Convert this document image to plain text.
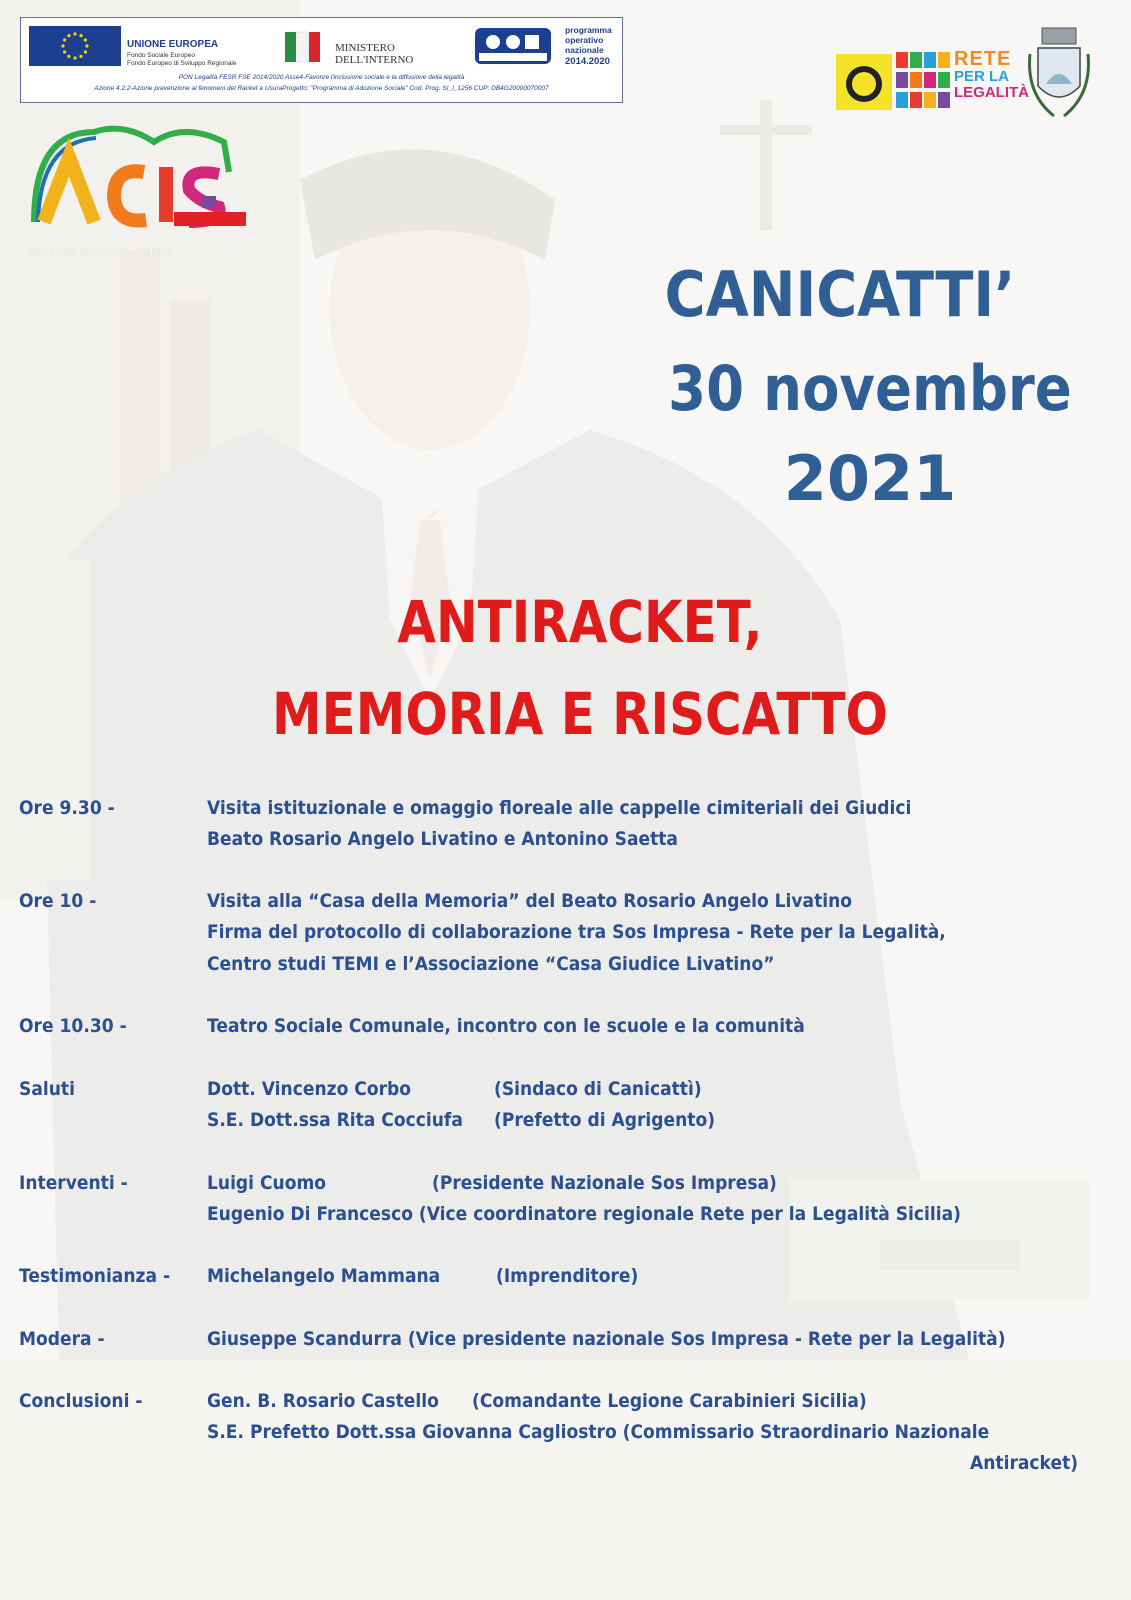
UNIONE EUROPEA
Fondo Sociale Europeo
Fondo Europeo di Sviluppo Regionale
MINISTERO
DELL'INTERNO
programma
operativo
nazionale
2014.2020
PON Legalità FESR FSE 2014/2020 Asse4-Favorire l'inclusione sociale e la diffusione della legalità
Azione 4.2.2-Azione prevenzione ai fenomeni del Racket e UsuraProgetto: "Programma di Adozione Sociale" Cod. Prog. SI_I_1256 CUP: DB4G20000070007
Sant'Agata di Militello - Nebrodi
RETE
PER LA
LEGALITÀ
CANICATTI’
30 novembre
2021
ANTIRACKET,
MEMORIA E RISCATTO
Ore 9.30 -	Visita istituzionale e omaggio floreale alle cappelle cimiteriali dei Giudici
Beato Rosario Angelo Livatino e Antonino Saetta
Ore 10 -	Visita alla “Casa della Memoria” del Beato Rosario Angelo Livatino
Firma del protocollo di collaborazione tra Sos Impresa - Rete per la Legalità,
Centro studi TEMI e l’Associazione “Casa Giudice Livatino”
Ore 10.30 -	Teatro Sociale Comunale, incontro con le scuole e la comunità
Saluti	Dott. Vincenzo Corbo	(Sindaco di Canicattì)
S.E. Dott.ssa Rita Cocciufa (Prefetto di Agrigento)
Interventi -	Luigi Cuomo	(Presidente Nazionale Sos Impresa)
Eugenio Di Francesco (Vice coordinatore regionale Rete per la Legalità Sicilia)
Testimonianza - Michelangelo Mammana	(Imprenditore)
Modera -	Giuseppe Scandurra (Vice presidente nazionale Sos Impresa - Rete per la Legalità)
Conclusioni -	Gen. B. Rosario Castello (Comandante Legione Carabinieri Sicilia)
S.E. Prefetto Dott.ssa Giovanna Cagliostro (Commissario Straordinario Nazionale
Antiracket)
